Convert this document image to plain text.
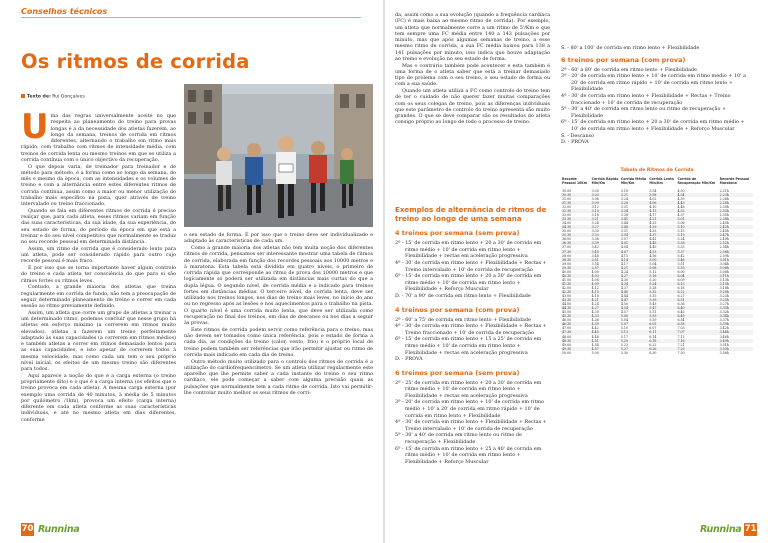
Conselhos técnicos
Os ritmos de corrida
Texto de: Rui Gonçalves

Uma das regras universalmente aceite no que respeita ao planeamento do treino para provas longas é a da necessidade dos atletas fazerem, ao longo da semana, treinos de corrida em ritmos diferentes, alternando o trabalho em ritmo mais rápido, com trabalho com ritmos de intensidade média, com treinos de corrida lenta ou mesmo treinos em que se utiliza a corrida contínua com o único objectivo da recuperação.

O que depois varia, de treinador para treinador e de método para método, é a forma como ao longo da semana, do mês e mesmo da época, com as intensidades e os volumes de treino e com a alternância entre estes diferentes ritmos de corrida contínua, assim como a maior ou menor utilização do trabalho mais específico na pista, quer através de treino intervalado ou treino fraccionado.

Quando se fala em diferentes ritmos de corrida é preciso realçar que, para cada atleta, esses ritmos variam em função das suas características, da sua idade, da sua experiência, do seu estado de forma, do período da época em que está a treinar e do seu nível competitivo que normalmente se traduz no seu recorde pessoal em determinada distância.

Assim, um ritmo de corrida que é considerado lento para um atleta, pode ser considerado rápido para outro cujo recorde pessoal é mais fraco.

É por isso que se torna importante haver algum controlo do treino e cada atleta ter consciência do que para si são ritmos fortes ou ritmos leves.

Contudo, a grande maioria dos atletas que treina regularmente em corrida de fundo, não tem a preocupação de seguir determinado planeamento de treino e correr em cada sessão ao ritmo previamente definido.

Assim, um atleta que corre um grupo de atletas a treinar a um determinado ritmo, podemos concluir que nesse grupo há atletas em esforço máximo (a correrem em ritmos muito elevados), atletas a fazerem um treino perfeitamente adaptado às suas capacidades (a correrem em ritmos médios) e também atletas a correr em ritmos demasiado lentos para as suas capacidades, e isto apesar de correrem todos à mesma velocidade, mas como cada um tem o seu próprio nível inicial, os efeitos de um mesmo treino são diferentes para todos.

Aqui aparece a noção do que é a carga externa (o treino propriamente dito) e o que é a carga interna (os efeitos que o treino provoca em cada atleta). A mesma carga externa (por exemplo uma corrida de 40 minutos, à média de 5 minutos por quilómetro /1km), provoca um efeito (carga interna) diferente em cada atleta conforme as suas características individuais, e até no mesmo atleta em dias diferentes, conforme

o seu estado de forma. É por isso que o treino deve ser individualizado e adaptado às características de cada um.

Como a grande maioria dos atletas não tem muita noção dos diferentes ritmos de corrida, pensamos ser interessante mostrar uma tabela de ritmos de corrida, elaborada em função dos recordes pessoais aos 10000 metros e à maratona. Esta tabela está dividida em quatro níveis, o primeiro de corrida rápida que corresponde ao ritmo de prova dos 10000 metros e que logicamente só poderá ser utilizada em distâncias mais curtas do que a dupla légua. O segundo nível, de corrida média e o indicado para treinos fortes em distâncias médias. O terceiro nível, de corrida lenta, deve ser utilizado nos treinos longos, nos dias de treino mais leves, no início do ano ou no regresso após as lesões e nos aquecimentos para o trabalho na pista. O quarto nível é uma corrida muito lenta, que deve ser utilizada como recuperação no final dos treinos, em dias de descanso ou nos dias a seguir às provas.

Este ritmos de corrida podem servir como referência para o treino, mas não devem ser tomados como única referência, pois o estado de forma a cada dia, as condições do treino (calor, vento, frio) e o próprio local de treino podem também ser referências que irão permitir ajustar ou ritmo de corrida mais indicado em cada dia de treino.

Outro método muito utilizado para o controlo dos ritmos de corrida é a utilização do cardiofrequencímetro. Se um atleta utilizar regularmente este aparelho que lhe permite saber a cada instante do treino o seu ritmo cardíaco, ele pode começar a saber com alguma precisão quais as pulsações que normalmente tem a cada ritmo de corrida. Isto vai permitir-lhe controlar muito melhor os seus ritmos de corri-

da, assim como a sua evolução (quando a frequência cardíaca (FC) é mais baixa ao mesmo ritmo de corrida). Por exemplo, um atleta que normalmente corre a um ritmo de 5'/Km e que tem sempre uma FC média entre 140 a 143 pulsações por minuto, mas que após algumas semanas de treino, a esse mesmo ritmo de corrida, a sua FC média baixou para 138 a 141 pulsações por minuto, isso indica que houve adaptação ao treino e evolução no seu estado de forma.

Mas o contrário também pode acontecer e esta também é uma forma de o atleta saber que está a treinar demasiado tipo de prolema com o seu treino, o seu estado de forma ou com a sua saúde.

Quando um atleta utiliza a FC como controlo do treino tem de ter o cuidado de não querer fazer muitas comparações com os seus colegas de treino, pois as diferenças individuais que este parâmetro de controlo do treino apresenta são muito grandes. O que se deve comparar são os resultados do atleta consigo próprio ao longo de todo o processo de treino.

Exemplos de alternância de ritmos de treino ao longo de uma semana
4 treinos por semana (sem prova)
2ª - 15' de corrida em ritmo lento + 20 a 30' de corrida em ritmo médio + 10' de corrida em ritmo lento + Flexibilidade + rectas em aceleração progressiva
4ª - 30' de corrida em ritmo lento + Flexibilidade + Rectas + Treino intervalado + 10' de corrida de recuperação
6ª - 15' de corrida em ritmo lento + 20 a 30' de corrida em ritmo médio + 10' de corrida em ritmo lento + Flexibilidade + Reforço Muscular
D. - 70' a 90' de corrida em ritmo lento + Flexibilidade
4 treinos por semana (com prova)
2ª - 60' a 75' de corrida em ritmo lento + Flexibilidade
4ª - 30' de corrida em ritmo lento + Flexibilidade + Rectas + Treino fraccionado + 10' de corrida de recuperação
6ª - 15' de corrida em ritmo lento + 15 a 25' de corrida em ritmo médio + 10' de corrida em ritmo lento + Flexibilidade + rectas em aceleração progressiva
D. - PROVA
6 treinos por semana (sem prova)
2ª - 25' de corrida em ritmo lento + 20 a 30' de corrida em ritmo médio + 10' de corrida em ritmo lento + Flexibilidade + rectas em aceleração progressiva
3ª - 20' de corrida em ritmo lento + 10' de corrida em ritmo médio + 10' a 20' de corrida em ritmo rápido + 10' de corrida em ritmo lento + Flexibilidade
4ª - 30' de corrida em ritmo lento + Flexibilidade + Rectas + Treino intervalado + 10' de corrida de recuperação
5ª - 30' a 40' de corrida em ritmo lento ou ritmo de recuperação + Flexibilidade
6ª - 15' de corrida em ritmo lento + 25 a 40' de corrida em ritmo médio + 10' de corrida em ritmo lento + Flexibilidade + Reforço Muscular
S. - 80' a 100' de corrida em ritmo lento + Flexibilidade
6 treinos por semana (com prova)
2ª - 60' a 80' de corrida em ritmo lento + Flexibilidade
3ª - 20' de corrida em ritmo lento + 10' de corrida em ritmo médio + 10' a 20' de corrida em ritmo rápido + 10' de corrida em ritmo lento + Flexibilidade
4ª - 30' de corrida em ritmo lento + Flexibilidade + Rectas + Treino fraccionado + 10' de corrida de recuperação
5ª - 30' a 40' de corrida em ritmo lento ou ritmo de recuperação + Flexibilidade
6ª - 15' de corrida em ritmo lento + 20 a 30' de corrida em ritmo médio + 10' de corrida em ritmo lento + Flexibilidade + Reforço Muscular
S. - Descanso
D. - PROVA
Tabela de Ritmos de Corrida
Recorde Pessoal 10Km	Corrida Rápida Min/Km	Corrida Média Min/Km	Corrida Lenta Min/Km	Corrida de Recuperação Min/Km	Recorde Pessoal Maratona
30.00	3.00	3.18	3.54	4.30	2.21h
30.30	3.03	3.21	3.58	4.34	2.23h
31.00	3.06	3.24	4.02	4.39	2.26h
31.30	3.09	3.28	4.06	4.43	2.28h
32.00	3.12	3.31	4.10	4.48	2.30h
32.30	3.15	3.34	4.13	4.52	2.33h
33.00	3.18	3.38	4.17	4.57	2.35h
33.30	3.21	3.41	4.21	5.01	2.38h
34.00	3.24	3.44	4.25	5.06	2.40h
34.30	3.27	3.48	4.29	5.10	2.42h
35.00	3.30	3.51	4.33	5.15	2.45h
35.30	3.33	3.54	4.37	5.19	2.47h
36.00	3.36	3.57	4.41	5.24	2.49h
36.30	3.39	4.01	4.45	5.28	2.52h
37.00	3.42	4.04	4.49	5.33	2.54h
37.30	3.45	4.07	4.53	5.37	2.56h
38.00	3.48	4.11	4.56	5.42	2.59h
38.30	3.51	4.14	5.00	5.46	3.01h
39.00	3.54	4.17	5.04	5.51	3.04h
39.30	3.57	4.21	5.08	5.55	3.06h
40.00	4.00	4.24	5.12	6.00	3.08h
40.30	4.03	4.27	5.16	6.04	3.11h
41.00	4.06	4.30	5.20	6.09	3.13h
41.30	4.09	4.34	5.24	6.13	3.15h
42.00	4.12	4.37	5.28	6.18	3.18h
42.30	4.15	4.40	5.32	6.22	3.20h
43.00	4.18	4.44	5.35	6.27	3.23h
43.30	4.21	4.47	5.39	6.31	3.25h
44.00	4.24	4.50	5.43	6.36	3.27h
44.30	4.27	4.54	5.47	6.40	3.30h
45.00	4.30	4.57	5.51	6.45	3.32h
45.30	4.33	5.00	5.55	6.49	3.34h
46.00	4.36	5.04	5.59	6.54	3.37h
46.30	4.39	5.07	6.03	6.58	3.39h
47.00	4.42	5.10	6.07	7.03	3.42h
47.30	4.45	5.13	6.11	7.07	3.44h
48.00	4.48	5.17	6.14	7.12	3.46h
48.30	4.51	5.20	6.18	7.16	3.49h
49.00	4.54	5.23	6.22	7.21	3.51h
49.30	4.57	5.27	6.26	7.25	3.53h
50.00	5.00	5.30	6.30	7.30	3.56h
70 Runnina	Runnina 71
